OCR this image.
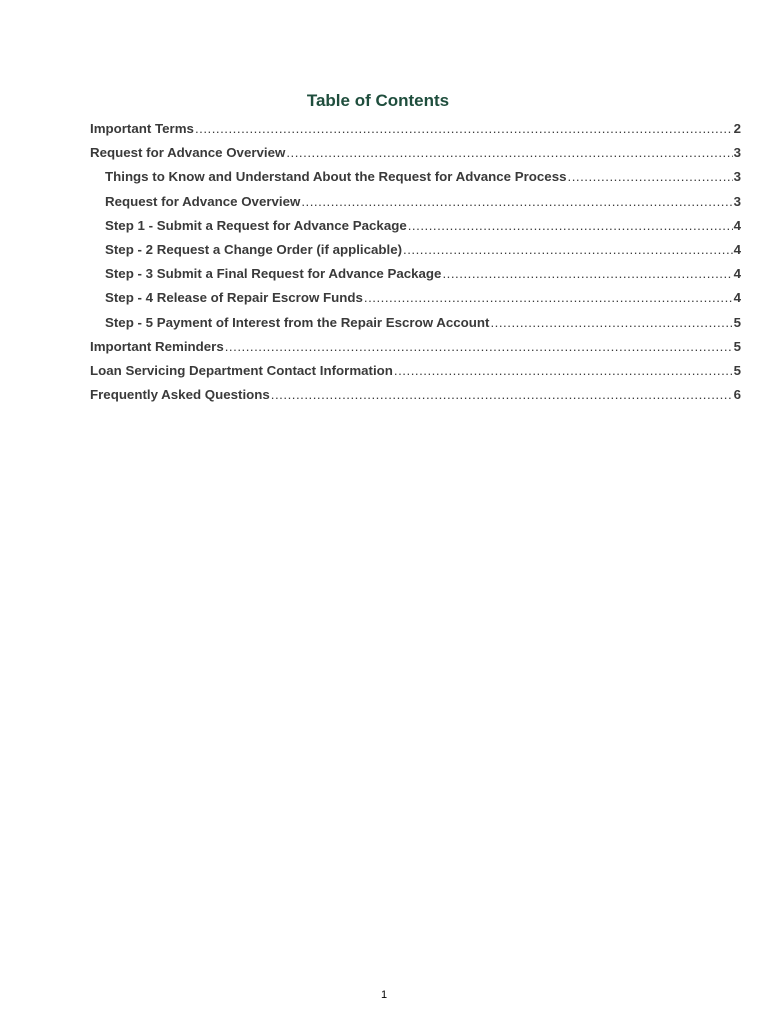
Table of Contents
Important Terms .....	2
Request for Advance Overview .....	3
Things to Know and Understand About the Request for Advance Process .....	3
Request for Advance Overview .....	3
Step 1 - Submit a Request for Advance Package .....	4
Step - 2 Request a Change Order (if applicable) .....	4
Step - 3 Submit a Final Request for Advance Package .....	4
Step - 4 Release of Repair Escrow Funds .....	4
Step - 5 Payment of Interest from the Repair Escrow Account .....	5
Important Reminders .....	5
Loan Servicing Department Contact Information .....	5
Frequently Asked Questions .....	6
1
